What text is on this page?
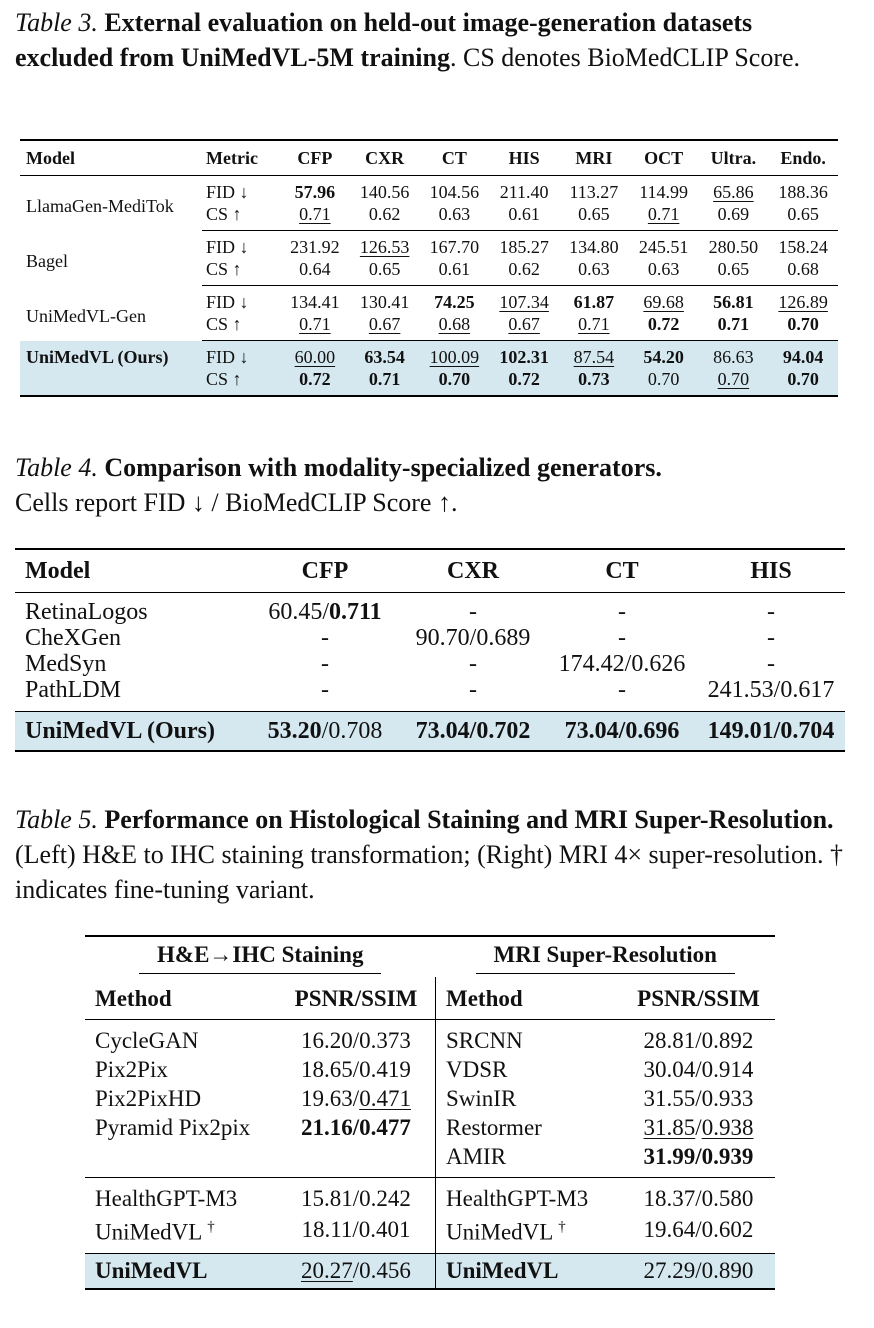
Table 3. External evaluation on held-out image-generation datasets excluded from UniMedVL-5M training. CS denotes BioMedCLIP Score.

Model	Metric	CFP	CXR	CT	HIS	MRI	OCT	Ultra.	Endo.
LlamaGen-MediTok	FID ↓	57.96	140.56	104.56	211.40	113.27	114.99	65.86	188.36
	CS ↑	0.71	0.62	0.63	0.61	0.65	0.71	0.69	0.65
Bagel	FID ↓	231.92	126.53	167.70	185.27	134.80	245.51	280.50	158.24
	CS ↑	0.64	0.65	0.61	0.62	0.63	0.63	0.65	0.68
UniMedVL-Gen	FID ↓	134.41	130.41	74.25	107.34	61.87	69.68	56.81	126.89
	CS ↑	0.71	0.67	0.68	0.67	0.71	0.72	0.71	0.70
UniMedVL (Ours)	FID ↓	60.00	63.54	100.09	102.31	87.54	54.20	86.63	94.04
	CS ↑	0.72	0.71	0.70	0.72	0.73	0.70	0.70	0.70

Table 4. Comparison with modality-specialized generators.
Cells report FID ↓ / BioMedCLIP Score ↑.

Model	CFP	CXR	CT	HIS
RetinaLogos	60.45/0.711	-	-	-
CheXGen	-	90.70/0.689	-	-
MedSyn	-	-	174.42/0.626	-
PathLDM	-	-	-	241.53/0.617
UniMedVL (Ours)	53.20/0.708	73.04/0.702	73.04/0.696	149.01/0.704

Table 5. Performance on Histological Staining and MRI Super-Resolution. (Left) H&E to IHC staining transformation; (Right) MRI 4× super-resolution. † indicates fine-tuning variant.

H&E→IHC Staining		MRI Super-Resolution	
Method	PSNR/SSIM	Method	PSNR/SSIM
CycleGAN	16.20/0.373	SRCNN	28.81/0.892
Pix2Pix	18.65/0.419	VDSR	30.04/0.914
Pix2PixHD	19.63/0.471	SwinIR	31.55/0.933
Pyramid Pix2pix	21.16/0.477	Restormer	31.85/0.938
		AMIR	31.99/0.939
HealthGPT-M3	15.81/0.242	HealthGPT-M3	18.37/0.580
UniMedVL †	18.11/0.401	UniMedVL †	19.64/0.602
UniMedVL	20.27/0.456	UniMedVL	27.29/0.890
